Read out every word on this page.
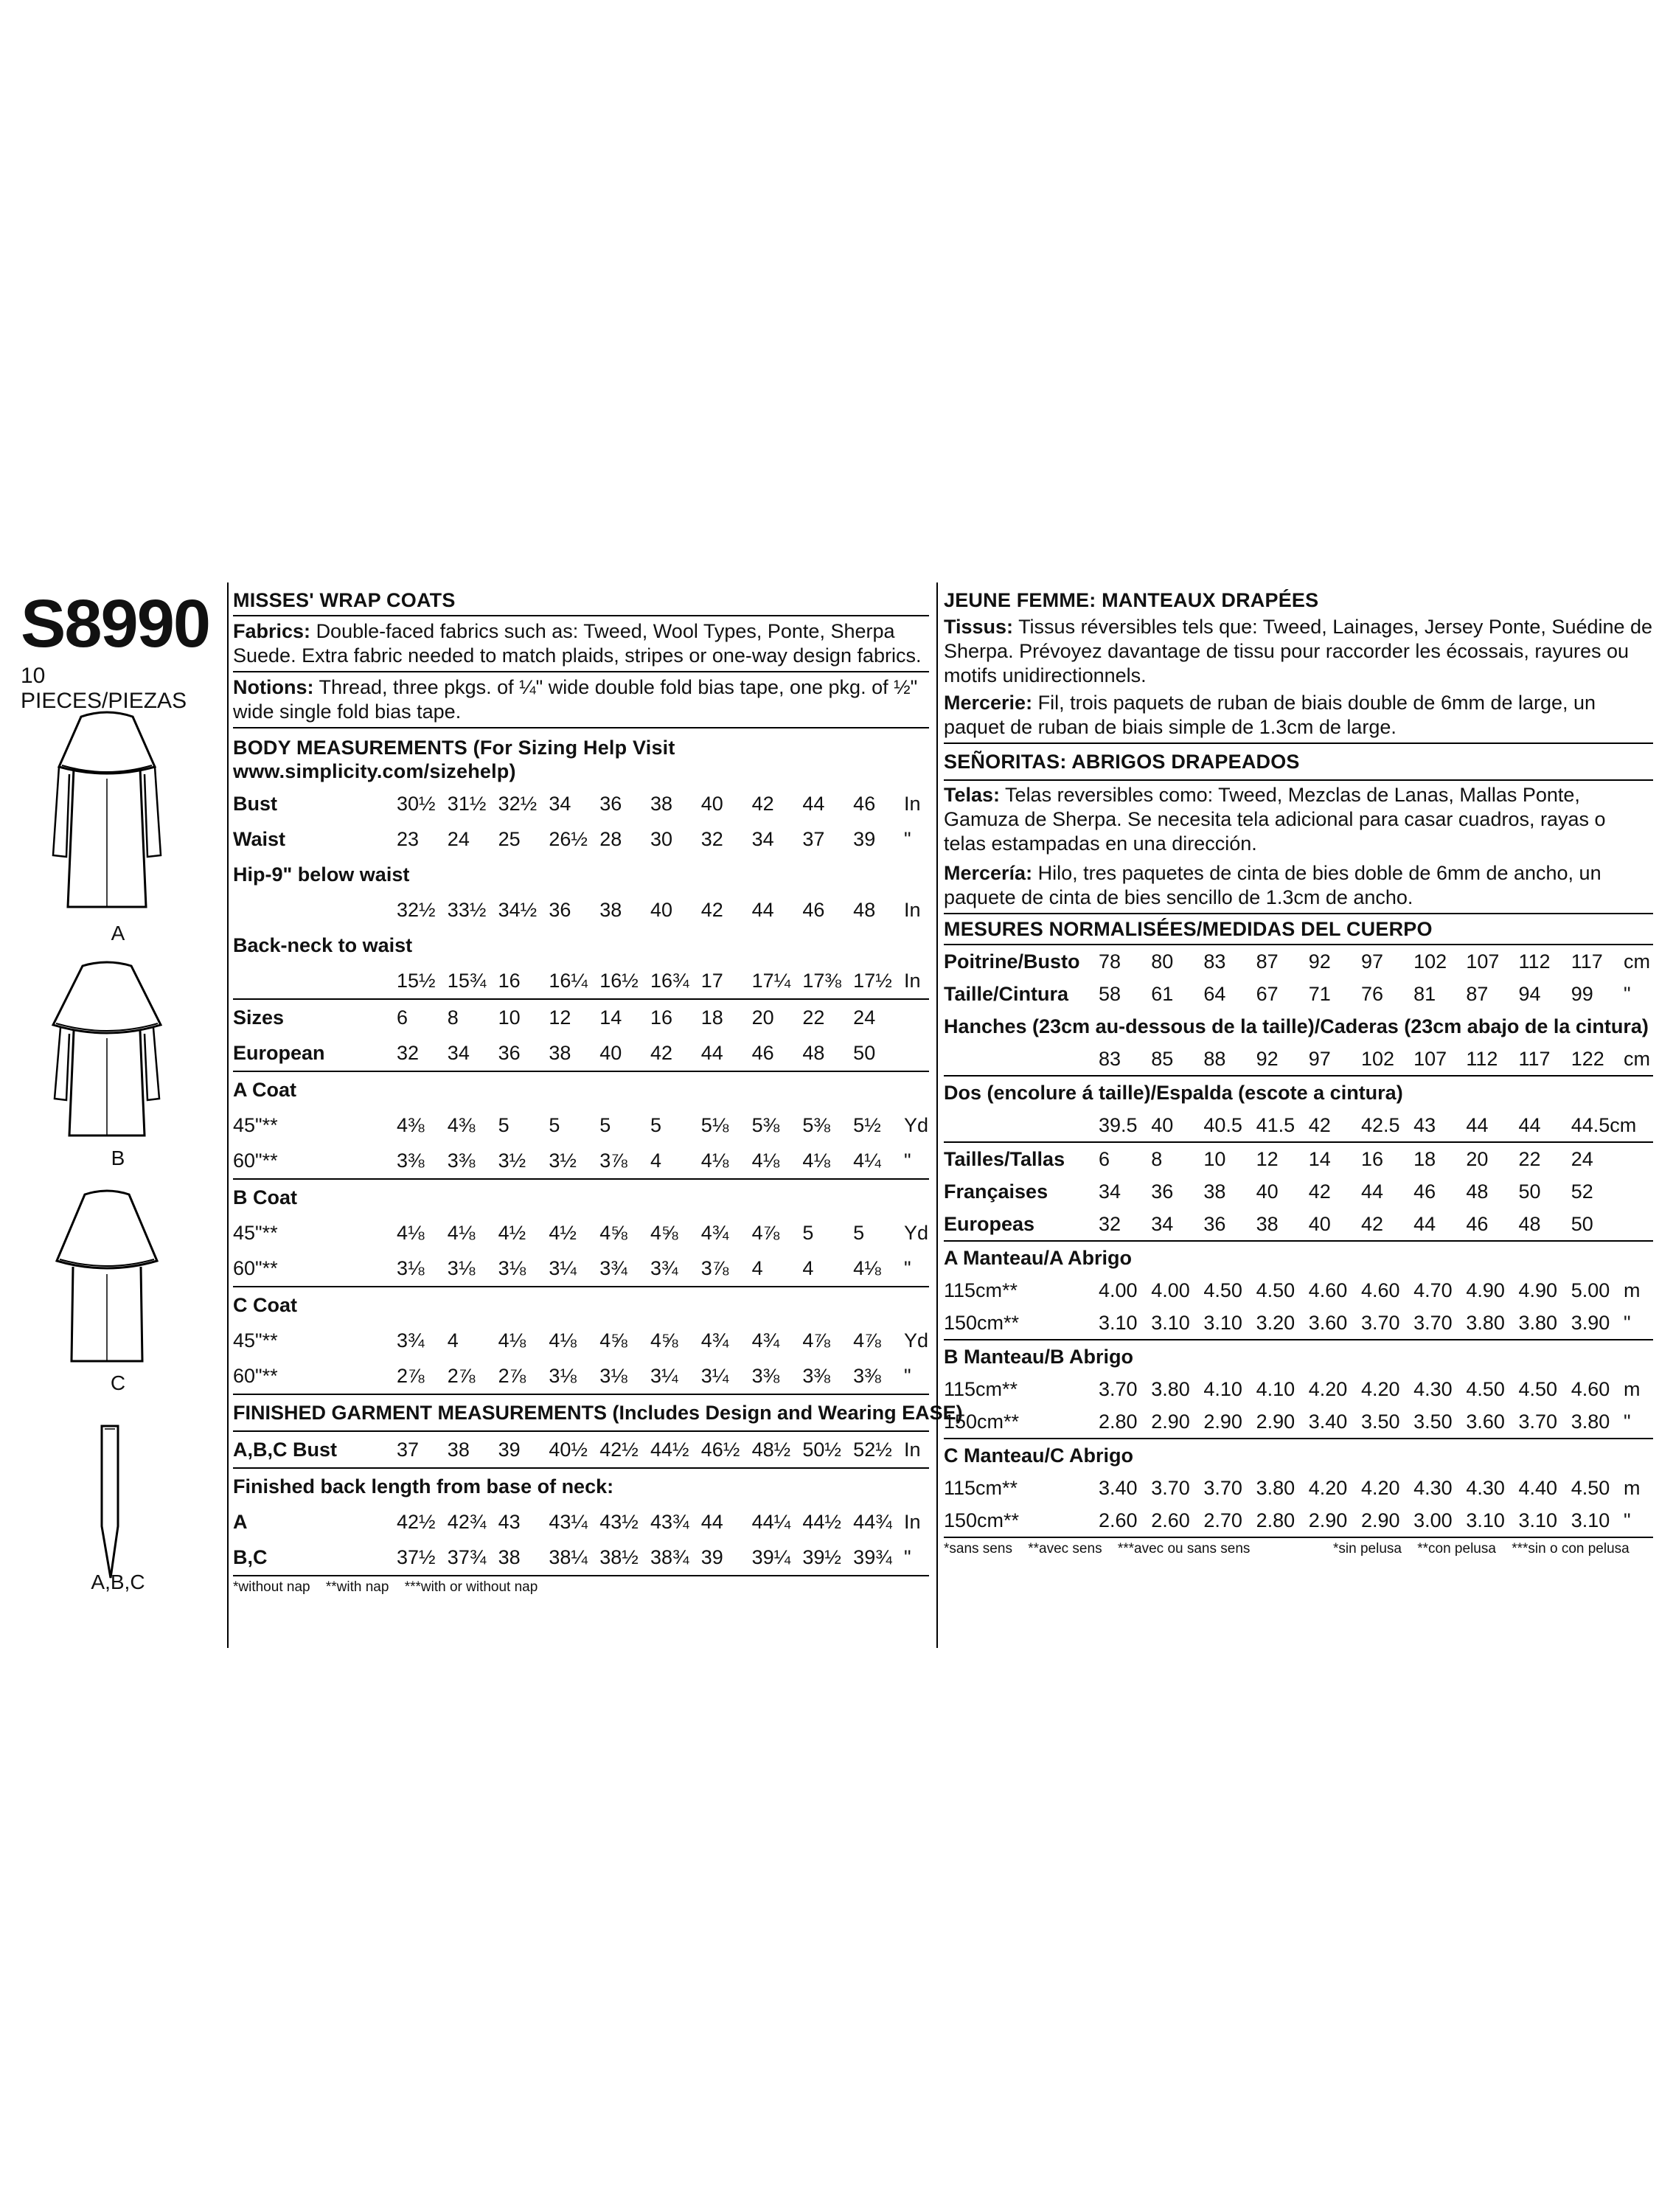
S8990
10 PIECES/PIEZAS
A
B
C
A,B,C
MISSES' WRAP COATS
Fabrics: Double-faced fabrics such as: Tweed, Wool Types, Ponte, Sherpa Suede. Extra fabric needed to match plaids, stripes or one-way design fabrics.
Notions: Thread, three pkgs. of ¼" wide double fold bias tape, one pkg. of ½" wide single fold bias tape.
BODY MEASUREMENTS (For Sizing Help Visit www.simplicity.com/sizehelp)
Bust	30½	31½	32½	34	36	38	40	42	44	46	In
Waist	23	24	25	26½	28	30	32	34	37	39	"
Hip-9" below waist											
	32½	33½	34½	36	38	40	42	44	46	48	In
Back-neck to waist											
	15½	15¾	16	16¼	16½	16¾	17	17¼	17⅜	17½	In
Sizes	6	8	10	12	14	16	18	20	22	24	
European	32	34	36	38	40	42	44	46	48	50	
A Coat											
45"**	4⅜	4⅜	5	5	5	5	5⅛	5⅜	5⅜	5½	Yd
60"**	3⅜	3⅜	3½	3½	3⅞	4	4⅛	4⅛	4⅛	4¼	"
B Coat											
45"**	4⅛	4⅛	4½	4½	4⅝	4⅝	4¾	4⅞	5	5	Yd
60"**	3⅛	3⅛	3⅛	3¼	3¾	3¾	3⅞	4	4	4⅛	"
C Coat											
45"**	3¾	4	4⅛	4⅛	4⅝	4⅝	4¾	4¾	4⅞	4⅞	Yd
60"**	2⅞	2⅞	2⅞	3⅛	3⅛	3¼	3¼	3⅜	3⅜	3⅜	"
FINISHED GARMENT MEASUREMENTS (Includes Design and Wearing EASE)											
A,B,C Bust	37	38	39	40½	42½	44½	46½	48½	50½	52½	In
Finished back length from base of neck:											
A	42½	42¾	43	43¼	43½	43¾	44	44¼	44½	44¾	In
B,C	37½	37¾	38	38¼	38½	38¾	39	39¼	39½	39¾	"
*without nap **with nap ***with or without nap
JEUNE FEMME: MANTEAUX DRAPÉES
Tissus: Tissus réversibles tels que: Tweed, Lainages, Jersey Ponte, Suédine de Sherpa. Prévoyez davantage de tissu pour raccorder les écossais, rayures ou motifs unidirectionnels.
Mercerie: Fil, trois paquets de ruban de biais double de 6mm de large, un paquet de ruban de biais simple de 1.3cm de large.
SEÑORITAS: ABRIGOS DRAPEADOS
Telas: Telas reversibles como: Tweed, Mezclas de Lanas, Mallas Ponte, Gamuza de Sherpa. Se necesita tela adicional para casar cuadros, rayas o telas estampadas en una dirección.
Mercería: Hilo, tres paquetes de cinta de bies doble de 6mm de ancho, un paquete de cinta de bies sencillo de 1.3cm de ancho.
MESURES NORMALISÉES/MEDIDAS DEL CUERPO
Poitrine/Busto	78	80	83	87	92	97	102	107	112	117	cm
Taille/Cintura	58	61	64	67	71	76	81	87	94	99	"
Hanches (23cm au-dessous de la taille)/Caderas (23cm abajo de la cintura)											
	83	85	88	92	97	102	107	112	117	122	cm
Dos (encolure á taille)/Espalda (escote a cintura)											
	39.5	40	40.5	41.5	42	42.5	43	44	44	44.5cm	
Tailles/Tallas	6	8	10	12	14	16	18	20	22	24	
Françaises	34	36	38	40	42	44	46	48	50	52	
Europeas	32	34	36	38	40	42	44	46	48	50	
A Manteau/A Abrigo											
115cm**	4.00	4.00	4.50	4.50	4.60	4.60	4.70	4.90	4.90	5.00	m
150cm**	3.10	3.10	3.10	3.20	3.60	3.70	3.70	3.80	3.80	3.90	"
B Manteau/B Abrigo											
115cm**	3.70	3.80	4.10	4.10	4.20	4.20	4.30	4.50	4.50	4.60	m
150cm**	2.80	2.90	2.90	2.90	3.40	3.50	3.50	3.60	3.70	3.80	"
C Manteau/C Abrigo											
115cm**	3.40	3.70	3.70	3.80	4.20	4.20	4.30	4.30	4.40	4.50	m
150cm**	2.60	2.60	2.70	2.80	2.90	2.90	3.00	3.10	3.10	3.10	"
*sans sens **avec sens ***avec ou sans sens	*sin pelusa **con pelusa ***sin o con pelusa
